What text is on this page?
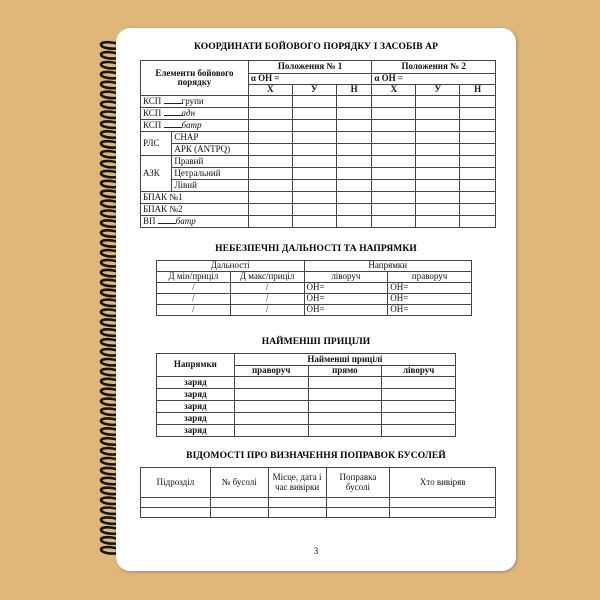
КООРДИНАТИ БОЙОВОГО ПОРЯДКУ І ЗАСОБІВ АР
Елементи бойового порядку		Положення № 1			Положення № 2		
		α ОН =			α ОН =		
		Х	У	Н	Х	У	Н
КСП групи							
КСП адн							
КСП батр							
РЛС	СНАР						
	АРК (ANTPQ)						
АЗК	Правий						
	Цетральний						
	Лівий						
БПАК №1							
БПАК №2							
ВП батр							
НЕБЕЗПЕЧНІ ДАЛЬНОСТІ ТА НАПРЯМКИ
Дальності		Напрямки	
Д мін/приціл	Д макс/приціл	ліворуч	праворуч
/	/	ОН=	ОН=
/	/	ОН=	ОН=
/	/	ОН=	ОН=
НАЙМЕНШІ ПРИЦІЛИ
Напрямки	Найменші прицілі		
	праворуч	прямо	ліворуч
заряд			
заряд			
заряд			
заряд			
заряд			
ВІДОМОСТІ ПРО ВИЗНАЧЕННЯ ПОПРАВОК БУСОЛЕЙ
Підрозділ	№ бусолі	Місце, дата і час вивірки	Поправка бусолі	Хто вивіряв

3
